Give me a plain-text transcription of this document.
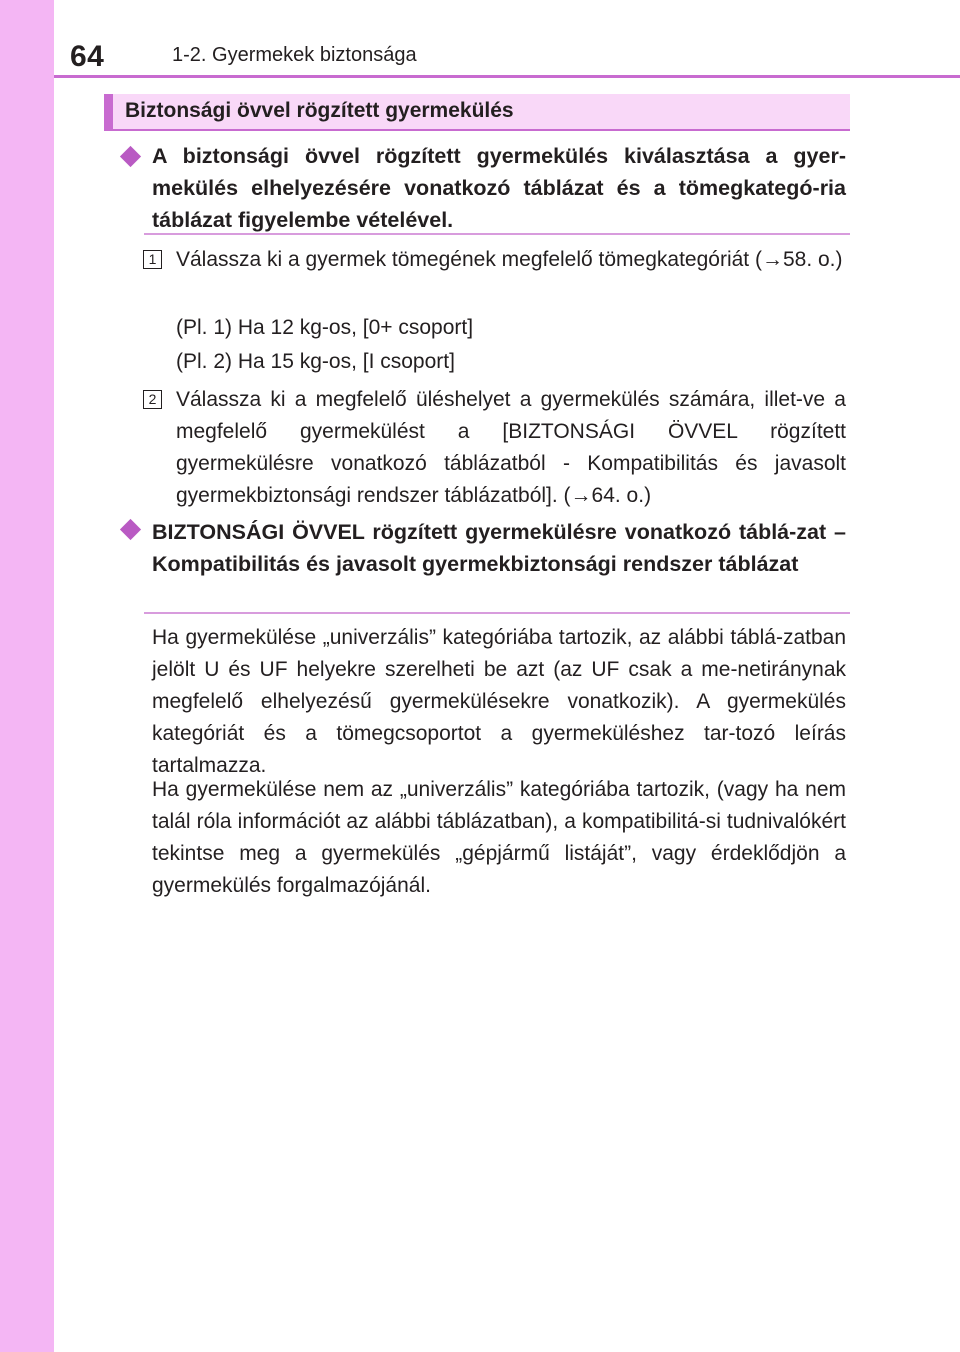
64	1-2. Gyermekek biztonsága
Biztonsági övvel rögzített gyermekülés
A biztonsági övvel rögzített gyermekülés kiválasztása a gyer-mekülés elhelyezésére vonatkozó táblázat és a tömegkategó-ria táblázat figyelembe vételével.
1 Válassza ki a gyermek tömegének megfelelő tömegkategóriát (→58. o.)
(Pl. 1) Ha 12 kg-os, [0+ csoport]
(Pl. 2) Ha 15 kg-os, [I csoport]
2 Válassza ki a megfelelő üléshelyet a gyermekülés számára, illet-ve a megfelelő gyermekülést a [BIZTONSÁGI ÖVVEL rögzített gyermekülésre vonatkozó táblázatból - Kompatibilitás és javasolt gyermekbiztonsági rendszer táblázatból]. (→64. o.)
BIZTONSÁGI ÖVVEL rögzített gyermekülésre vonatkozó táblá-zat – Kompatibilitás és javasolt gyermekbiztonsági rendszer táblázat
Ha gyermekülése „univerzális” kategóriába tartozik, az alábbi táblá-zatban jelölt U és UF helyekre szerelheti be azt (az UF csak a me-netiránynak megfelelő elhelyezésű gyermekülésekre vonatkozik). A gyermekülés kategóriát és a tömegcsoportot a gyermeküléshez tar-tozó leírás tartalmazza.
Ha gyermekülése nem az „univerzális” kategóriába tartozik, (vagy ha nem talál róla információt az alábbi táblázatban), a kompatibilitá-si tudnivalókért tekintse meg a gyermekülés „gépjármű listáját”, vagy érdeklődjön a gyermekülés forgalmazójánál.
